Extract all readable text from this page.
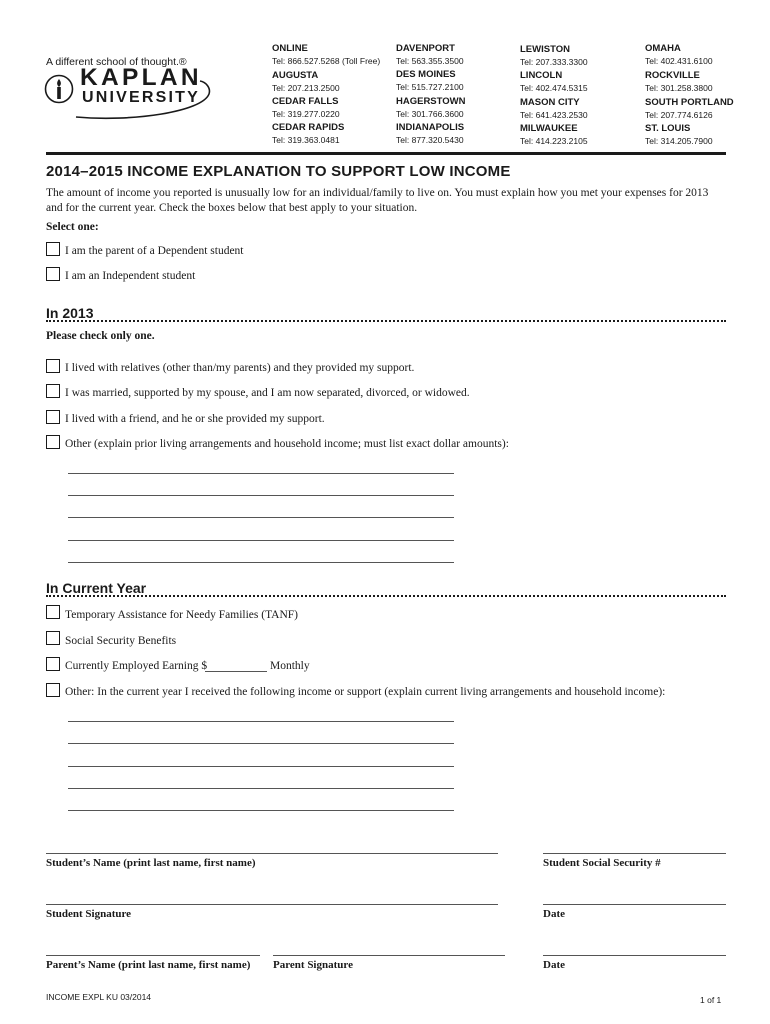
A different school of thought.®
KAPLAN
UNIVERSITY
ONLINE
Tel: 866.527.5268 (Toll Free)
AUGUSTA
Tel: 207.213.2500
CEDAR FALLS
Tel: 319.277.0220
CEDAR RAPIDS
Tel: 319.363.0481
DAVENPORT
Tel: 563.355.3500
DES MOINES
Tel: 515.727.2100
HAGERSTOWN
Tel: 301.766.3600
INDIANAPOLIS
Tel: 877.320.5430
LEWISTON
Tel: 207.333.3300
LINCOLN
Tel: 402.474.5315
MASON CITY
Tel: 641.423.2530
MILWAUKEE
Tel: 414.223.2105
OMAHA
Tel: 402.431.6100
ROCKVILLE
Tel: 301.258.3800
SOUTH PORTLAND
Tel: 207.774.6126
ST. LOUIS
Tel: 314.205.7900
2014–2015 INCOME EXPLANATION TO SUPPORT LOW INCOME
The amount of income you reported is unusually low for an individual/family to live on. You must explain how you met your expenses for 2013 and for the current year. Check the boxes below that best apply to your situation.
Select one:
I am the parent of a Dependent student
I am an Independent student
In 2013
Please check only one.
I lived with relatives (other than/my parents) and they provided my support.
I was married, supported by my spouse, and I am now separated, divorced, or widowed.
I lived with a friend, and he or she provided my support.
Other (explain prior living arrangements and household income; must list exact dollar amounts):
In Current Year
Temporary Assistance for Needy Families (TANF)
Social Security Benefits
Currently Employed Earning $	Monthly
Other: In the current year I received the following income or support (explain current living arrangements and household income):
Student’s Name (print last name, first name)	Student Social Security #
Student Signature	Date
Parent’s Name (print last name, first name) Parent Signature	Date
INCOME EXPL KU 03/2014	1 of 1
